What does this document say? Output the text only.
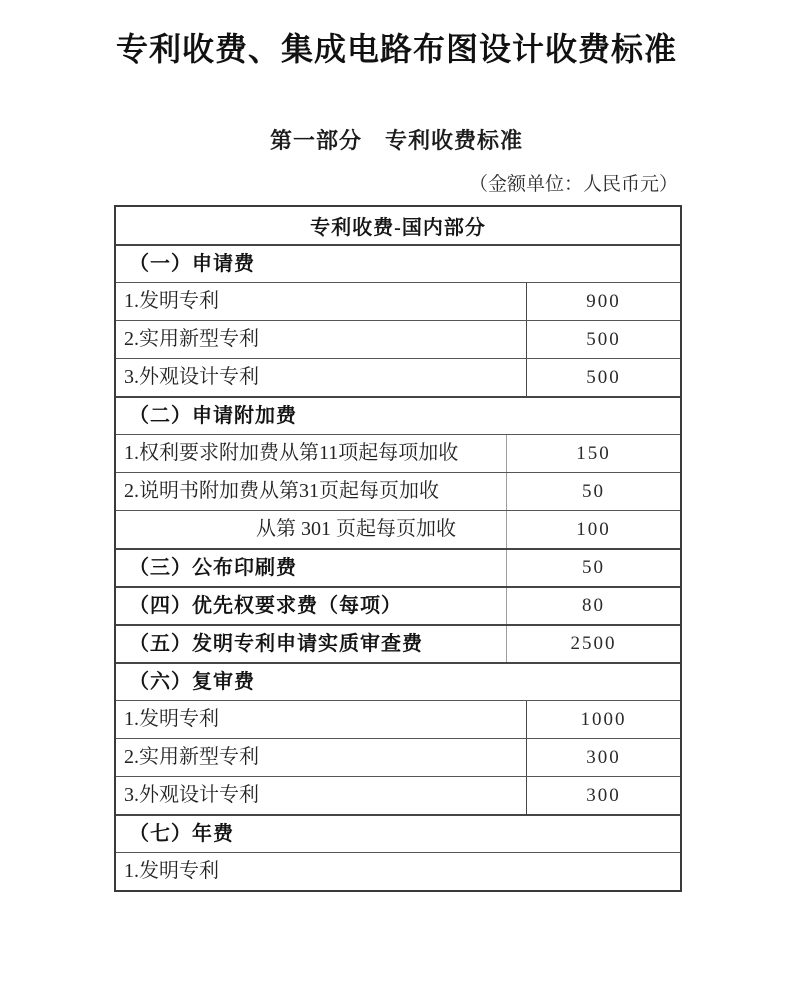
专利收费、集成电路布图设计收费标准
第一部分　专利收费标准
（金额单位：人民币元）
专利收费-国内部分
（一）申请费
1.发明专利	900
2.实用新型专利	500
3.外观设计专利	500
（二）申请附加费
1.权利要求附加费从第11项起每项加收	150
2.说明书附加费从第31页起每页加收	50
从第 301 页起每页加收	100
（三）公布印刷费	50
（四）优先权要求费（每项）	80
（五）发明专利申请实质审查费	2500
（六）复审费
1.发明专利	1000
2.实用新型专利	300
3.外观设计专利	300
（七）年费
1.发明专利
